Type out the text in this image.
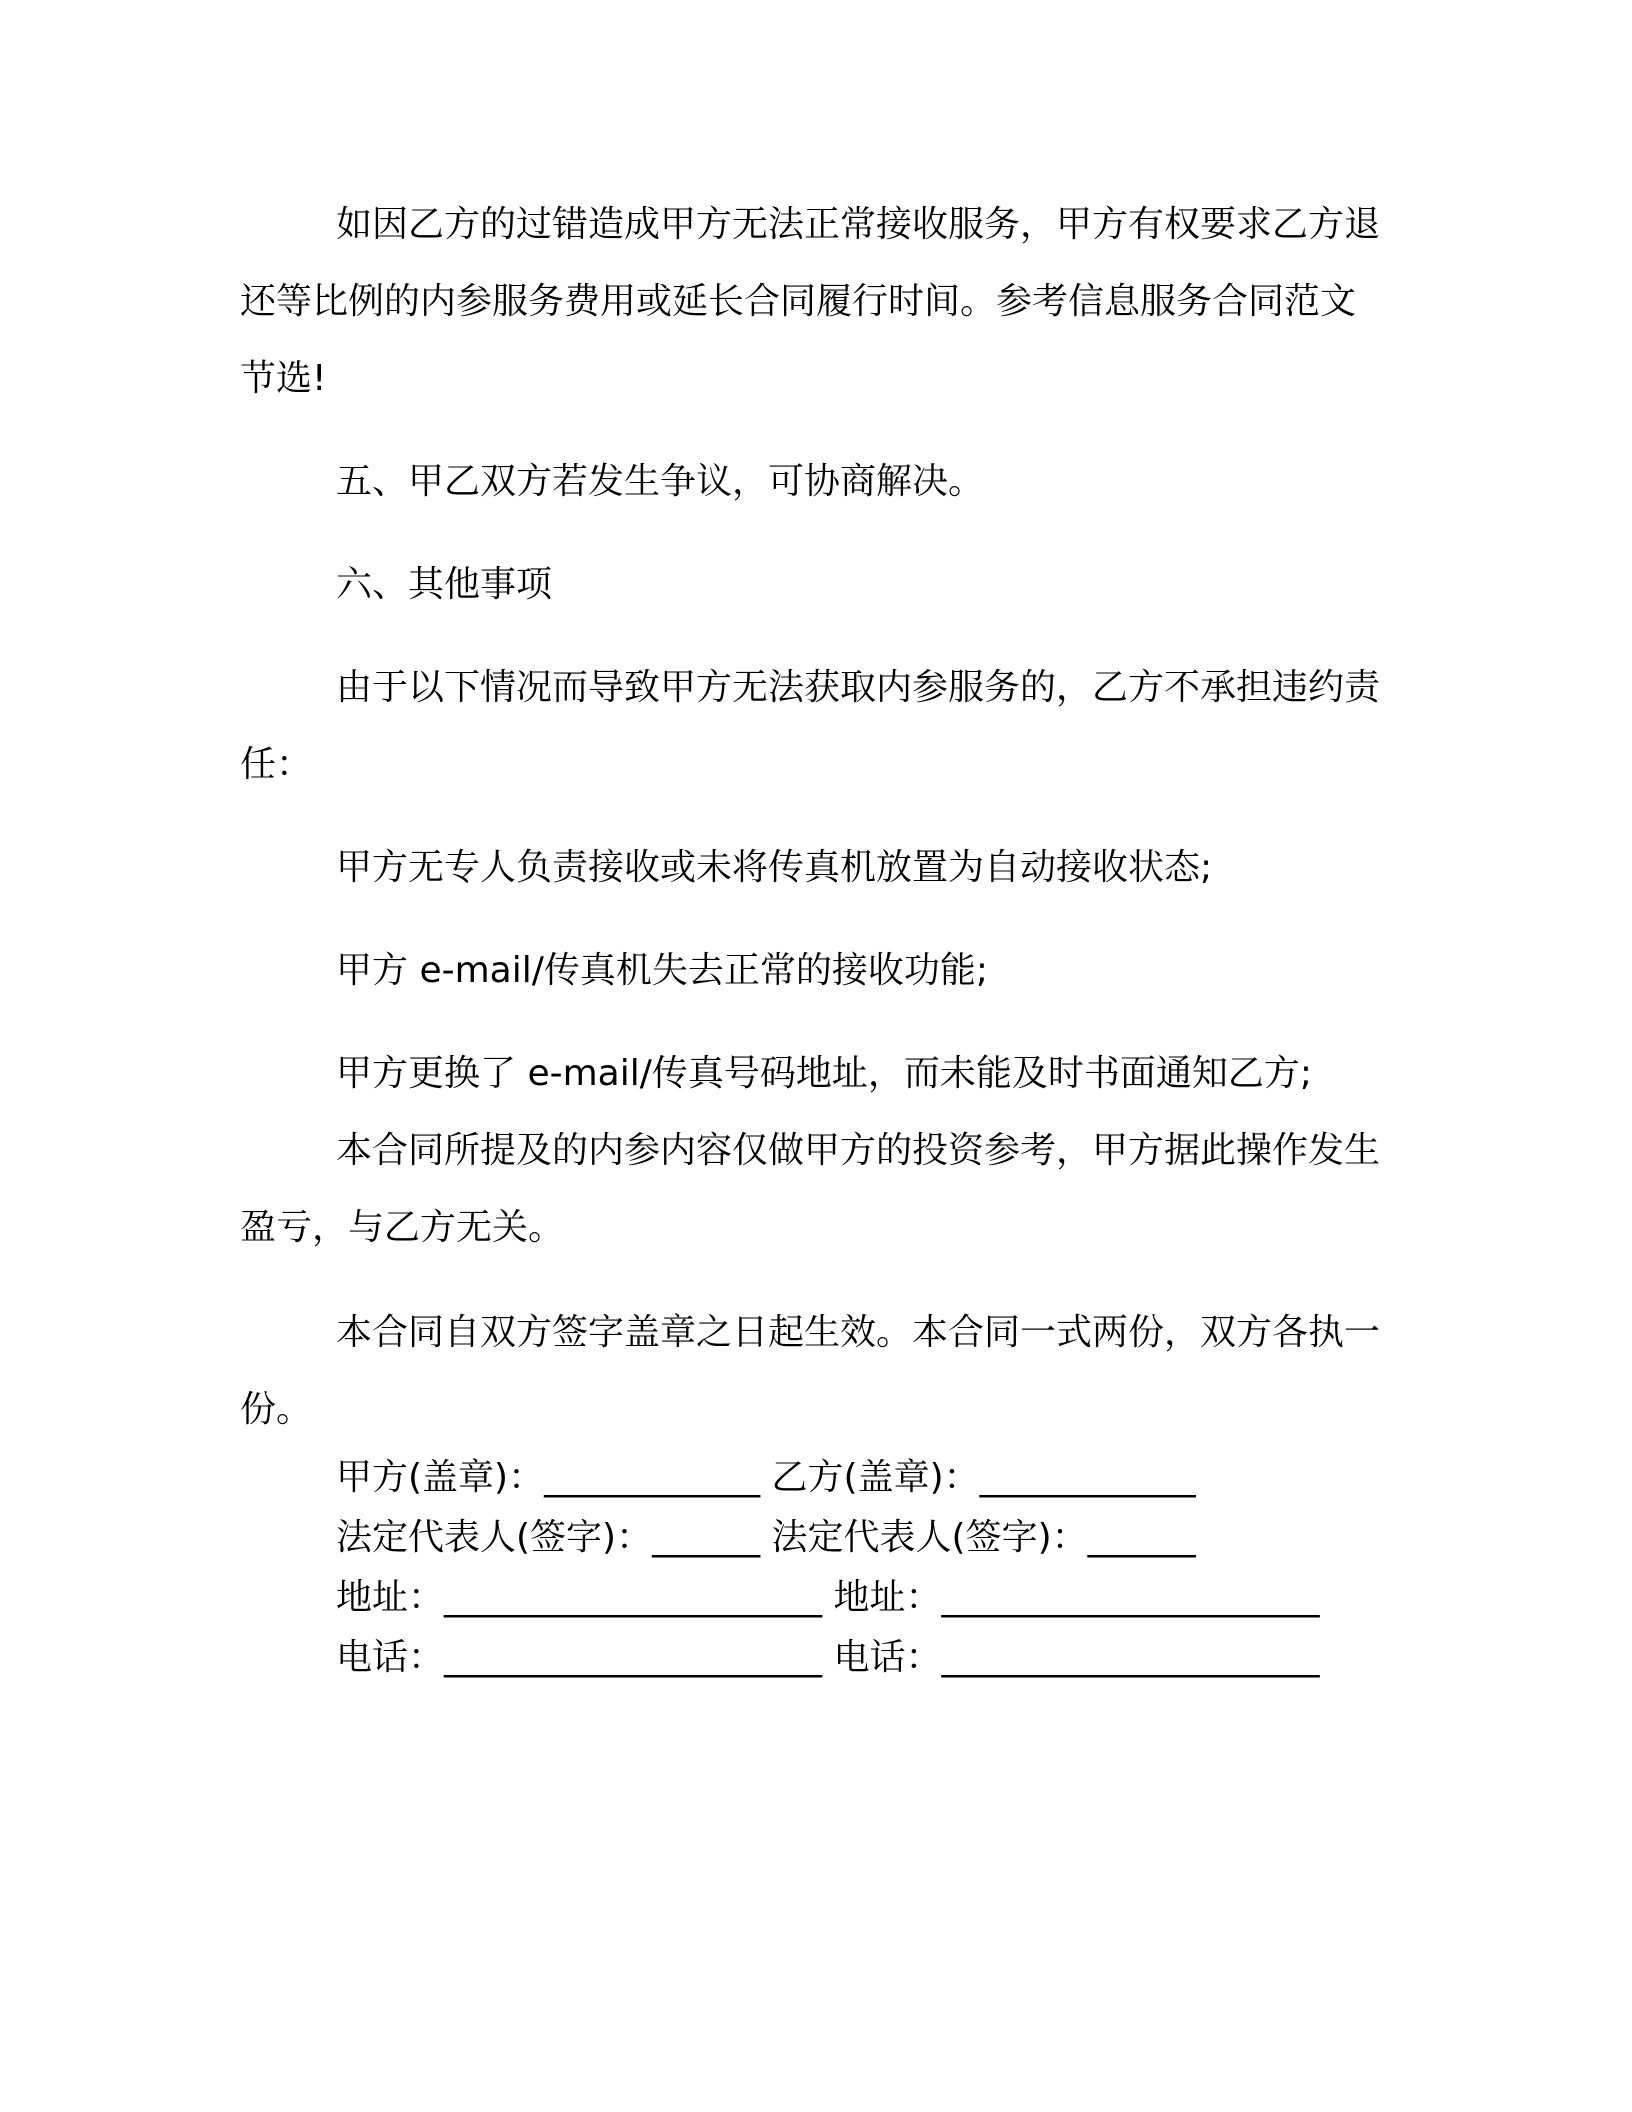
如因乙方的过错造成甲方无法正常接收服务，甲方有权要求乙方退还等比例的内参服务费用或延长合同履行时间。参考信息服务合同范文节选!

五、甲乙双方若发生争议，可协商解决。

六、其他事项

由于以下情况而导致甲方无法获取内参服务的，乙方不承担违约责任：

甲方无专人负责接收或未将传真机放置为自动接收状态;

甲方 e-mail/传真机失去正常的接收功能;

甲方更换了 e-mail/传真号码地址，而未能及时书面通知乙方;

本合同所提及的内参内容仅做甲方的投资参考，甲方据此操作发生盈亏，与乙方无关。

本合同自双方签字盖章之日起生效。本合同一式两份，双方各执一份。

甲方(盖章)：____________ 乙方(盖章)：____________

法定代表人(签字)：______ 法定代表人(签字)：______

地址：_____________________ 地址：_____________________

电话：_____________________ 电话：_____________________
